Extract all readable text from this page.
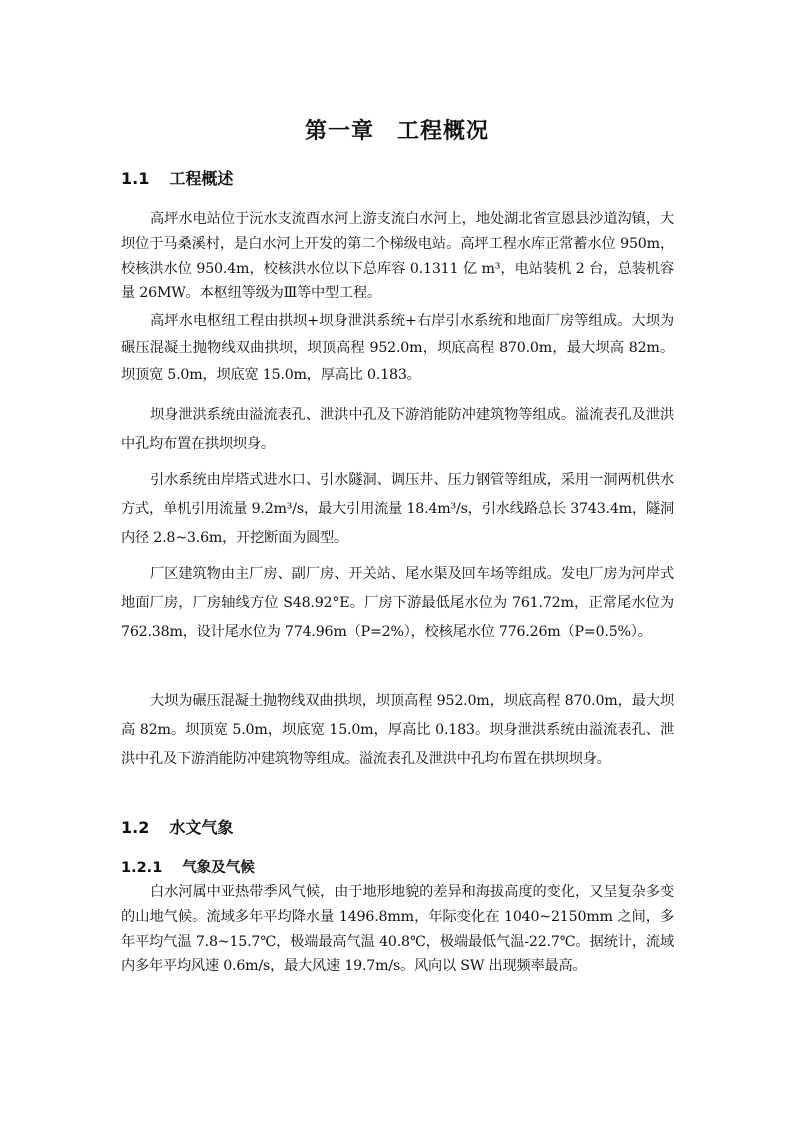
第一章　工程概况
1.1 工程概述

高坪水电站位于沅水支流酉水河上游支流白水河上，地处湖北省宣恩县沙道沟镇，大坝位于马桑溪村，是白水河上开发的第二个梯级电站。高坪工程水库正常蓄水位 950m，校核洪水位 950.4m，校核洪水位以下总库容 0.1311 亿 m³，电站装机 2 台，总装机容量 26MW。本枢纽等级为Ⅲ等中型工程。

高坪水电枢纽工程由拱坝+坝身泄洪系统+右岸引水系统和地面厂房等组成。大坝为碾压混凝土抛物线双曲拱坝，坝顶高程 952.0m，坝底高程 870.0m，最大坝高 82m。坝顶宽 5.0m，坝底宽 15.0m，厚高比 0.183。

坝身泄洪系统由溢流表孔、泄洪中孔及下游消能防冲建筑物等组成。溢流表孔及泄洪中孔均布置在拱坝坝身。

引水系统由岸塔式进水口、引水隧洞、调压井、压力钢管等组成，采用一洞两机供水方式，单机引用流量 9.2m³/s，最大引用流量 18.4m³/s，引水线路总长 3743.4m，隧洞内径 2.8~3.6m，开挖断面为圆型。

厂区建筑物由主厂房、副厂房、开关站、尾水渠及回车场等组成。发电厂房为河岸式地面厂房，厂房轴线方位 S48.92°E。厂房下游最低尾水位为 761.72m，正常尾水位为 762.38m，设计尾水位为 774.96m（P=2%），校核尾水位 776.26m（P=0.5%）。

大坝为碾压混凝土抛物线双曲拱坝，坝顶高程 952.0m，坝底高程 870.0m，最大坝高 82m。坝顶宽 5.0m，坝底宽 15.0m，厚高比 0.183。坝身泄洪系统由溢流表孔、泄洪中孔及下游消能防冲建筑物等组成。溢流表孔及泄洪中孔均布置在拱坝坝身。

1.2 水文气象
1.2.1 气象及气候

白水河属中亚热带季风气候，由于地形地貌的差异和海拔高度的变化，又呈复杂多变的山地气候。流域多年平均降水量 1496.8mm，年际变化在 1040~2150mm 之间，多年平均气温 7.8~15.7℃，极端最高气温 40.8℃，极端最低气温-22.7℃。据统计，流域内多年平均风速 0.6m/s，最大风速 19.7m/s。风向以 SW 出现频率最高。
